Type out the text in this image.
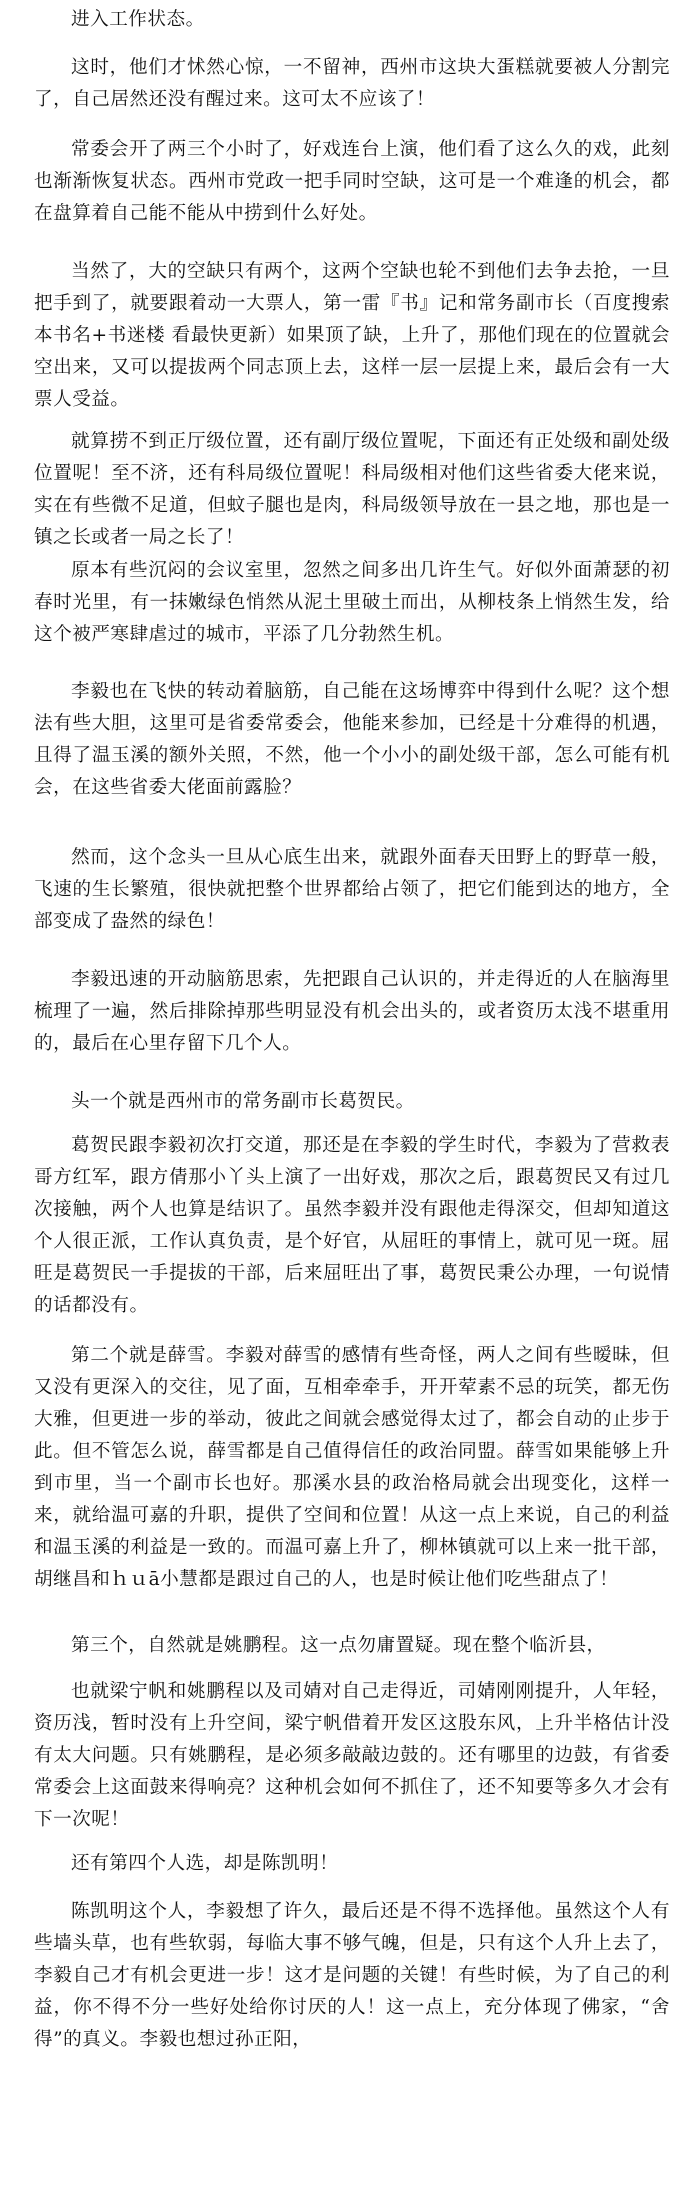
进入工作状态。

这时，他们才怵然心惊，一不留神，西州市这块大蛋糕就要被人分割完了，自己居然还没有醒过来。这可太不应该了！

常委会开了两三个小时了，好戏连台上演，他们看了这么久的戏，此刻也渐渐恢复状态。西州市党政一把手同时空缺，这可是一个难逢的机会，都在盘算着自己能不能从中捞到什么好处。

当然了，大的空缺只有两个，这两个空缺也轮不到他们去争去抢，一旦把手到了，就要跟着动一大票人，第一雷『书』记和常务副市长（百度搜索本书名+书迷楼 看最快更新）如果顶了缺，上升了，那他们现在的位置就会空出来，又可以提拔两个同志顶上去，这样一层一层提上来，最后会有一大票人受益。

就算捞不到正厅级位置，还有副厅级位置呢，下面还有正处级和副处级位置呢！至不济，还有科局级位置呢！科局级相对他们这些省委大佬来说，实在有些微不足道，但蚊子腿也是肉，科局级领导放在一县之地，那也是一镇之长或者一局之长了！

原本有些沉闷的会议室里，忽然之间多出几许生气。好似外面萧瑟的初春时光里，有一抹嫩绿色悄然从泥土里破土而出，从柳枝条上悄然生发，给这个被严寒肆虐过的城市，平添了几分勃然生机。

李毅也在飞快的转动着脑筋，自己能在这场博弈中得到什么呢？这个想法有些大胆，这里可是省委常委会，他能来参加，已经是十分难得的机遇，且得了温玉溪的额外关照，不然，他一个小小的副处级干部，怎么可能有机会，在这些省委大佬面前露脸？

然而，这个念头一旦从心底生出来，就跟外面春天田野上的野草一般，飞速的生长繁殖，很快就把整个世界都给占领了，把它们能到达的地方，全部变成了盎然的绿色！

李毅迅速的开动脑筋思索，先把跟自己认识的，并走得近的人在脑海里梳理了一遍，然后排除掉那些明显没有机会出头的，或者资历太浅不堪重用的，最后在心里存留下几个人。

头一个就是西州市的常务副市长葛贺民。

葛贺民跟李毅初次打交道，那还是在李毅的学生时代，李毅为了营救表哥方红军，跟方倩那小丫头上演了一出好戏，那次之后，跟葛贺民又有过几次接触，两个人也算是结识了。虽然李毅并没有跟他走得深交，但却知道这个人很正派，工作认真负责，是个好官，从屈旺的事情上，就可见一斑。屈旺是葛贺民一手提拔的干部，后来屈旺出了事，葛贺民秉公办理，一句说情的话都没有。

第二个就是薛雪。李毅对薛雪的感情有些奇怪，两人之间有些暧昧，但又没有更深入的交往，见了面，互相牵牵手，开开荤素不忌的玩笑，都无伤大雅，但更进一步的举动，彼此之间就会感觉得太过了，都会自动的止步于此。但不管怎么说，薛雪都是自己值得信任的政治同盟。薛雪如果能够上升到市里，当一个副市长也好。那溪水县的政治格局就会出现变化，这样一来，就给温可嘉的升职，提供了空间和位置！从这一点上来说，自己的利益和温玉溪的利益是一致的。而温可嘉上升了，柳林镇就可以上来一批干部，胡继昌和ｈｕā小慧都是跟过自己的人，也是时候让他们吃些甜点了！

第三个，自然就是姚鹏程。这一点勿庸置疑。现在整个临沂县，

也就梁宁帆和姚鹏程以及司婧对自己走得近，司婧刚刚提升，人年轻，资历浅，暂时没有上升空间，梁宁帆借着开发区这股东风，上升半格估计没有太大问题。只有姚鹏程，是必须多敲敲边鼓的。还有哪里的边鼓，有省委常委会上这面鼓来得响亮？这种机会如何不抓住了，还不知要等多久才会有下一次呢！

还有第四个人选，却是陈凯明！

陈凯明这个人，李毅想了许久，最后还是不得不选择他。虽然这个人有些墙头草，也有些软弱，每临大事不够气魄，但是，只有这个人升上去了，李毅自己才有机会更进一步！这才是问题的关键！有些时候，为了自己的利益，你不得不分一些好处给你讨厌的人！这一点上，充分体现了佛家，“舍得”的真义。李毅也想过孙正阳，
